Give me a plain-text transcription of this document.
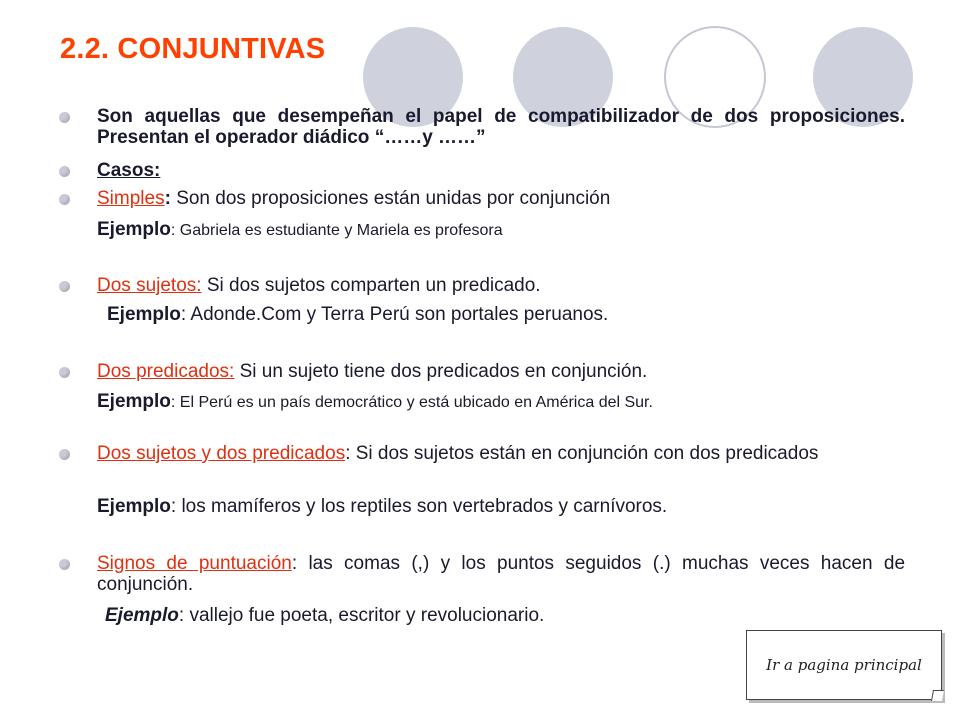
2.2. CONJUNTIVAS
Son aquellas que desempeñan el papel de compatibilizador de dos proposiciones. Presentan el operador diádico “……y ……”
Casos:
Simples: Son dos proposiciones están unidas por conjunción
Ejemplo: Gabriela es estudiante y Mariela es profesora
Dos sujetos: Si dos sujetos comparten un predicado.
Ejemplo: Adonde.Com y Terra Perú son portales peruanos.
Dos predicados: Si un sujeto tiene dos predicados en conjunción.
Ejemplo: El Perú es un país democrático y está ubicado en América del Sur.
Dos sujetos y dos predicados: Si dos sujetos están en conjunción con dos predicados
Ejemplo: los mamíferos y los reptiles son vertebrados y carnívoros.
Signos de puntuación: las comas (,) y los puntos seguidos (.) muchas veces hacen de conjunción.
Ejemplo: vallejo fue poeta, escritor y revolucionario.
Ir a pagina principal
